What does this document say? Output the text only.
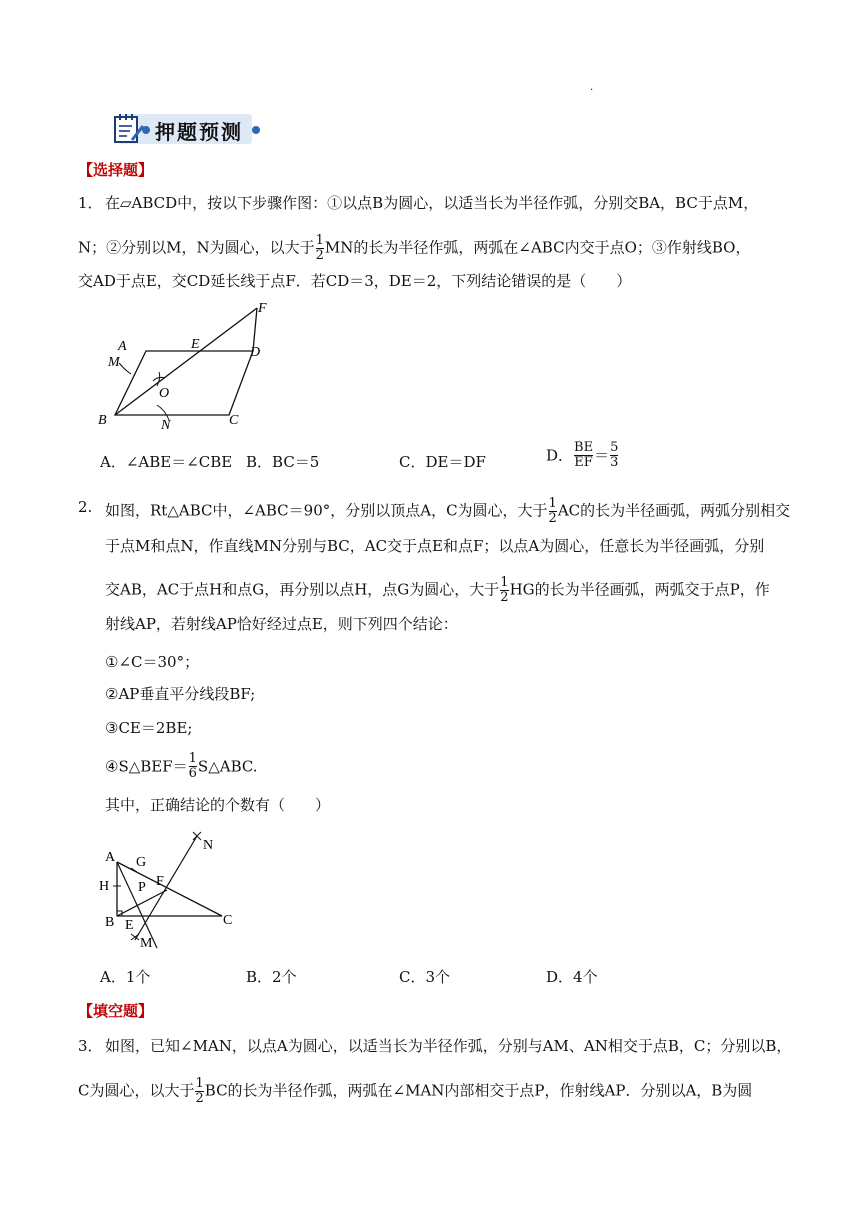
.
押题预测
【选择题】
1． 在▱ABCD中，按以下步骤作图：①以点B为圆心，以适当长为半径作弧，分别交BA，BC于点M，
N；②分别以M，N为圆心，以大于 $\frac{1}{2}$ MN的长为半径作弧，两弧在∠ABC内交于点O；③作射线BO，
交AD于点E，交CD延长线于点F．若CD＝3，DE＝2，下列结论错误的是（　　）
A
M
E
F
D
O
B	C
N
A．∠ABE＝∠CBE B．BC＝5	C．DE＝DF	D． $\frac{BE}{EF} = \frac{5}{3}$
2. 如图，Rt△ABC中，∠ABC＝90°，分别以顶点A，C为圆心，大于 $\frac{1}{2}$ AC的长为半径画弧，两弧分别相交
于点M和点N，作直线MN分别与BC，AC交于点E和点F；以点A为圆心，任意长为半径画弧，分别
交AB，AC于点H和点G，再分别以点H，点G为圆心，大于 $\frac{1}{2}$ HG的长为半径画弧，两弧交于点P，作
射线AP，若射线AP恰好经过点E，则下列四个结论：
①∠C＝30°；
②AP垂直平分线段BF;
③CE＝2BE;
④S△BEF＝ $\frac{1}{6}$ S△ABC.
其中，正确结论的个数有（　　）
A G
H P F
N
B E	C
M
A．1个	B．2个	C．3个	D．4个
【填空题】
3． 如图，已知∠MAN，以点A为圆心，以适当长为半径作弧，分别与AM、AN相交于点B，C；分别以B，
C为圆心，以大于 $\frac{1}{2}$ BC的长为半径作弧，两弧在∠MAN内部相交于点P，作射线AP．分别以A，B为圆
